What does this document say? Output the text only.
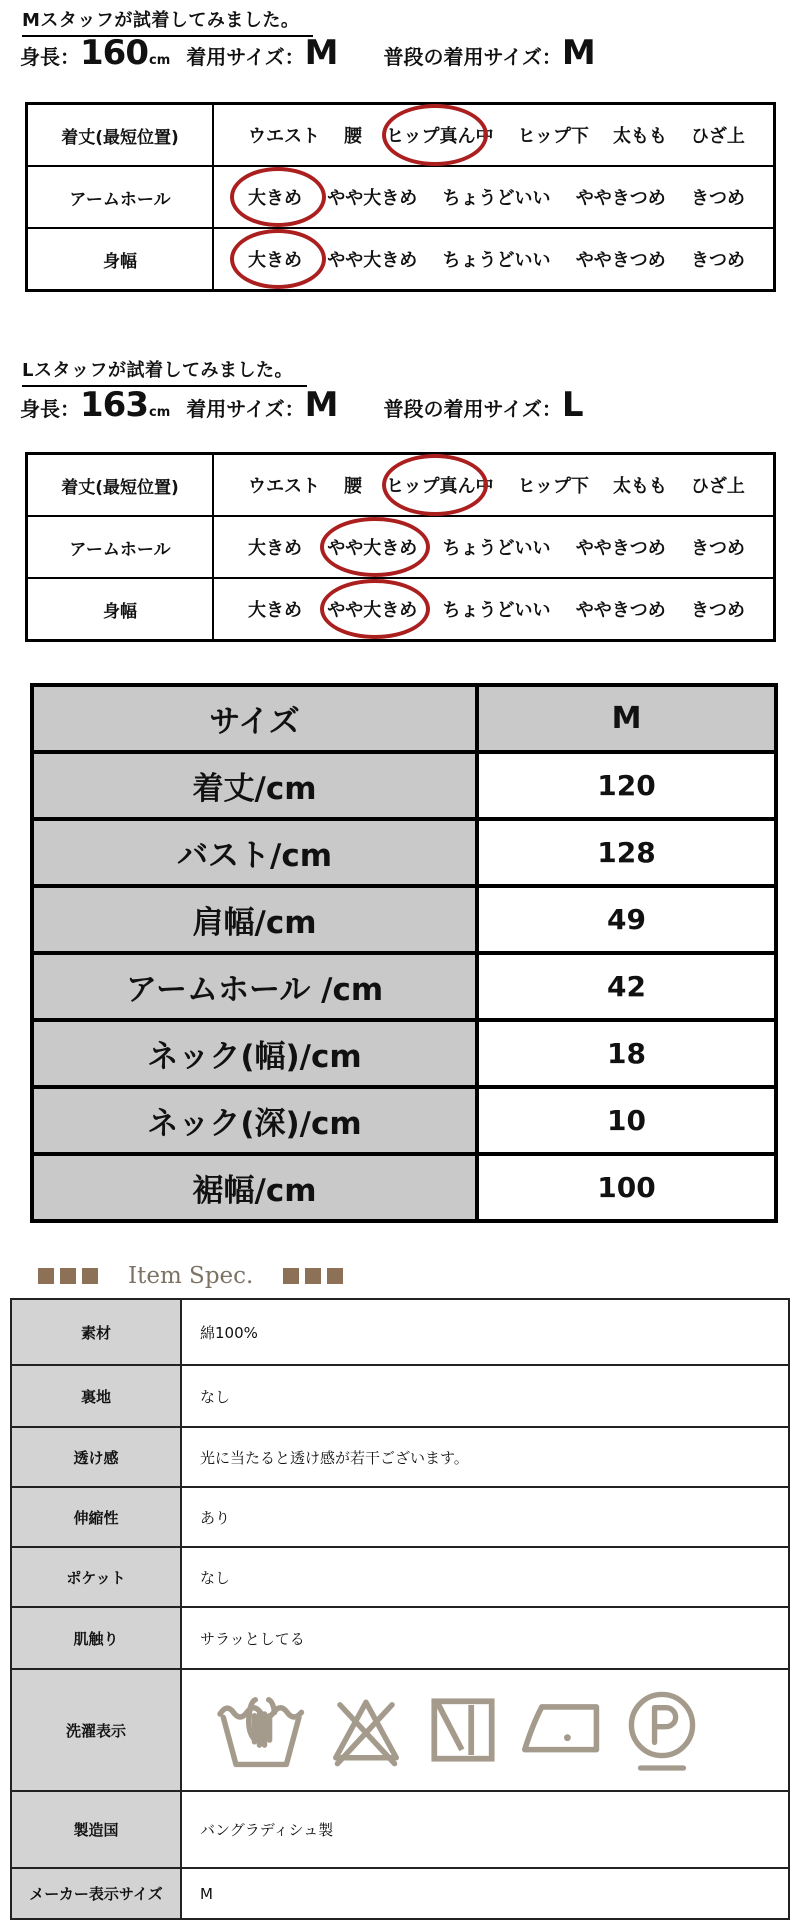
Mスタッフが試着してみました。
身長： 160 cm 着用サイズ： M 普段の着用サイズ： M
着丈(最短位置)	ウエスト 腰 ヒップ真ん中 ヒップ下 太もも ひざ上
アームホール	大きめ やや大きめ ちょうどいい ややきつめ きつめ
身幅	大きめ やや大きめ ちょうどいい ややきつめ きつめ
Lスタッフが試着してみました。
身長： 163 cm 着用サイズ： M 普段の着用サイズ： L
着丈(最短位置)	ウエスト 腰 ヒップ真ん中 ヒップ下 太もも ひざ上
アームホール	大きめ やや大きめ ちょうどいい ややきつめ きつめ
身幅	大きめ やや大きめ ちょうどいい ややきつめ きつめ
サイズ	M
着丈/cm	120
バスト/cm	128
肩幅/cm	49
アームホール /cm	42
ネック(幅)/cm	18
ネック(深)/cm	10
裾幅/cm	100
Item Spec.
素材	綿100%
裏地	なし
透け感	光に当たると透け感が若干ございます。
伸縮性	あり
ポケット	なし
肌触り	サラッとしてる
洗濯表示
製造国	バングラディシュ製
メーカー表示サイズ	M
